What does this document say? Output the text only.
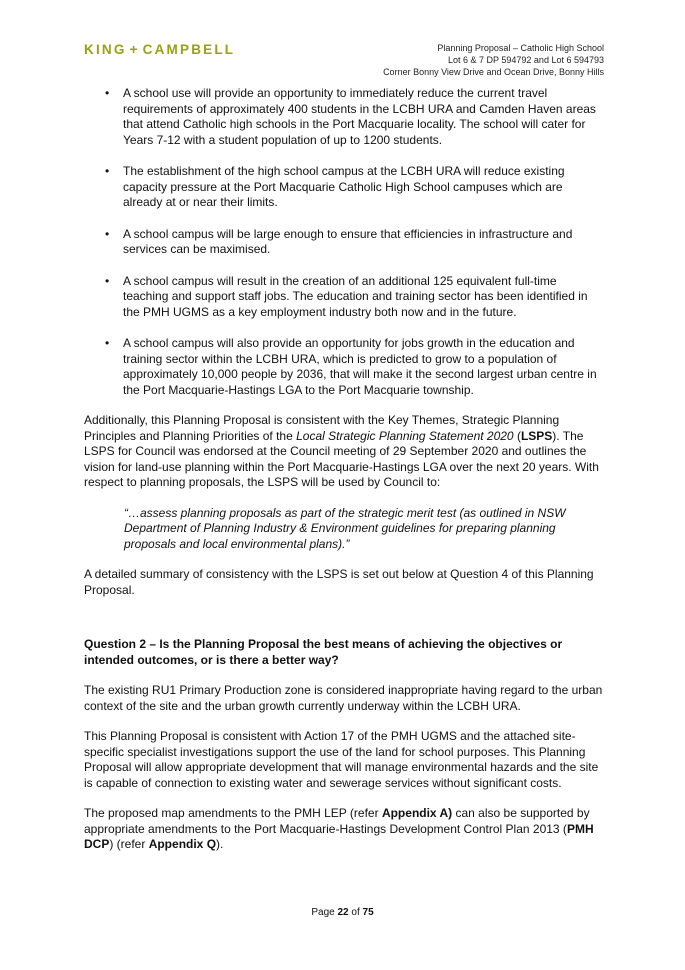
KING + CAMPBELL	Planning Proposal – Catholic High School
Lot 6 & 7 DP 594792 and Lot 6 594793
Corner Bonny View Drive and Ocean Drive, Bonny Hills
• A school use will provide an opportunity to immediately reduce the current travel requirements of approximately 400 students in the LCBH URA and Camden Haven areas that attend Catholic high schools in the Port Macquarie locality. The school will cater for Years 7-12 with a student population of up to 1200 students.
• The establishment of the high school campus at the LCBH URA will reduce existing capacity pressure at the Port Macquarie Catholic High School campuses which are already at or near their limits.
• A school campus will be large enough to ensure that efficiencies in infrastructure and services can be maximised.
• A school campus will result in the creation of an additional 125 equivalent full-time teaching and support staff jobs. The education and training sector has been identified in the PMH UGMS as a key employment industry both now and in the future.
• A school campus will also provide an opportunity for jobs growth in the education and training sector within the LCBH URA, which is predicted to grow to a population of approximately 10,000 people by 2036, that will make it the second largest urban centre in the Port Macquarie-Hastings LGA to the Port Macquarie township.

Additionally, this Planning Proposal is consistent with the Key Themes, Strategic Planning Principles and Planning Priorities of the Local Strategic Planning Statement 2020 (LSPS). The LSPS for Council was endorsed at the Council meeting of 29 September 2020 and outlines the vision for land-use planning within the Port Macquarie-Hastings LGA over the next 20 years. With respect to planning proposals, the LSPS will be used by Council to:

“…assess planning proposals as part of the strategic merit test (as outlined in NSW Department of Planning Industry & Environment guidelines for preparing planning proposals and local environmental plans).”

A detailed summary of consistency with the LSPS is set out below at Question 4 of this Planning Proposal.

Question 2 – Is the Planning Proposal the best means of achieving the objectives or intended outcomes, or is there a better way?

The existing RU1 Primary Production zone is considered inappropriate having regard to the urban context of the site and the urban growth currently underway within the LCBH URA.

This Planning Proposal is consistent with Action 17 of the PMH UGMS and the attached site-specific specialist investigations support the use of the land for school purposes. This Planning Proposal will allow appropriate development that will manage environmental hazards and the site is capable of connection to existing water and sewerage services without significant costs.

The proposed map amendments to the PMH LEP (refer Appendix A) can also be supported by appropriate amendments to the Port Macquarie-Hastings Development Control Plan 2013 (PMH DCP) (refer Appendix Q).

Page 22 of 75
